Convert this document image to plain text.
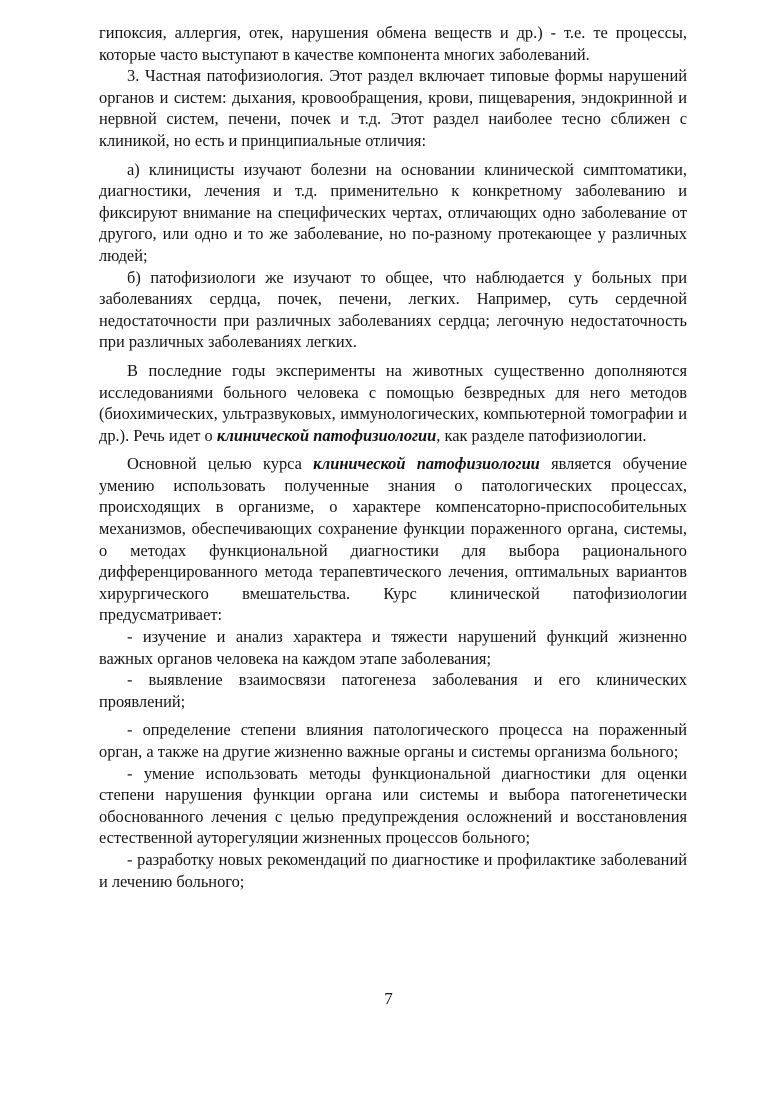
гипоксия, аллергия, отек, нарушения обмена веществ и др.) - т.е. те процессы, которые часто выступают в качестве компонента многих заболеваний.

3. Частная патофизиология. Этот раздел включает типовые формы нарушений органов и систем: дыхания, кровообращения, крови, пищеварения, эндокринной и нервной систем, печени, почек и т.д. Этот раздел наиболее тесно сближен с клиникой, но есть и принципиальные отличия:

а) клиницисты изучают болезни на основании клинической симптоматики, диагностики, лечения и т.д. применительно к конкретному заболеванию и фиксируют внимание на специфических чертах, отличающих одно заболевание от другого, или одно и то же заболевание, но по-разному протекающее у различных людей;

б) патофизиологи же изучают то общее, что наблюдается у больных при заболеваниях сердца, почек, печени, легких. Например, суть сердечной недостаточности при различных заболеваниях сердца; легочную недостаточность при различных заболеваниях легких.

В последние годы эксперименты на животных существенно дополняются исследованиями больного человека с помощью безвредных для него методов (биохимических, ультразвуковых, иммунологических, компьютерной томографии и др.). Речь идет о клинической патофизиологии, как разделе патофизиологии.

Основной целью курса клинической патофизиологии является обучение умению использовать полученные знания о патологических процессах, происходящих в организме, о характере компенсаторно-приспособительных механизмов, обеспечивающих сохранение функции пораженного органа, системы, о методах функциональной диагностики для выбора рационального дифференцированного метода терапевтического лечения, оптимальных вариантов хирургического вмешательства. Курс клинической патофизиологии предусматривает:

- изучение и анализ характера и тяжести нарушений функций жизненно важных органов человека на каждом этапе заболевания;

- выявление взаимосвязи патогенеза заболевания и его клинических проявлений;

- определение степени влияния патологического процесса на пораженный орган, а также на другие жизненно важные органы и системы организма больного;

- умение использовать методы функциональной диагностики для оценки степени нарушения функции органа или системы и выбора патогенетически обоснованного лечения с целью предупреждения осложнений и восстановления естественной ауторегуляции жизненных процессов больного;

- разработку новых рекомендаций по диагностике и профилактике заболеваний и лечению больного;

7
